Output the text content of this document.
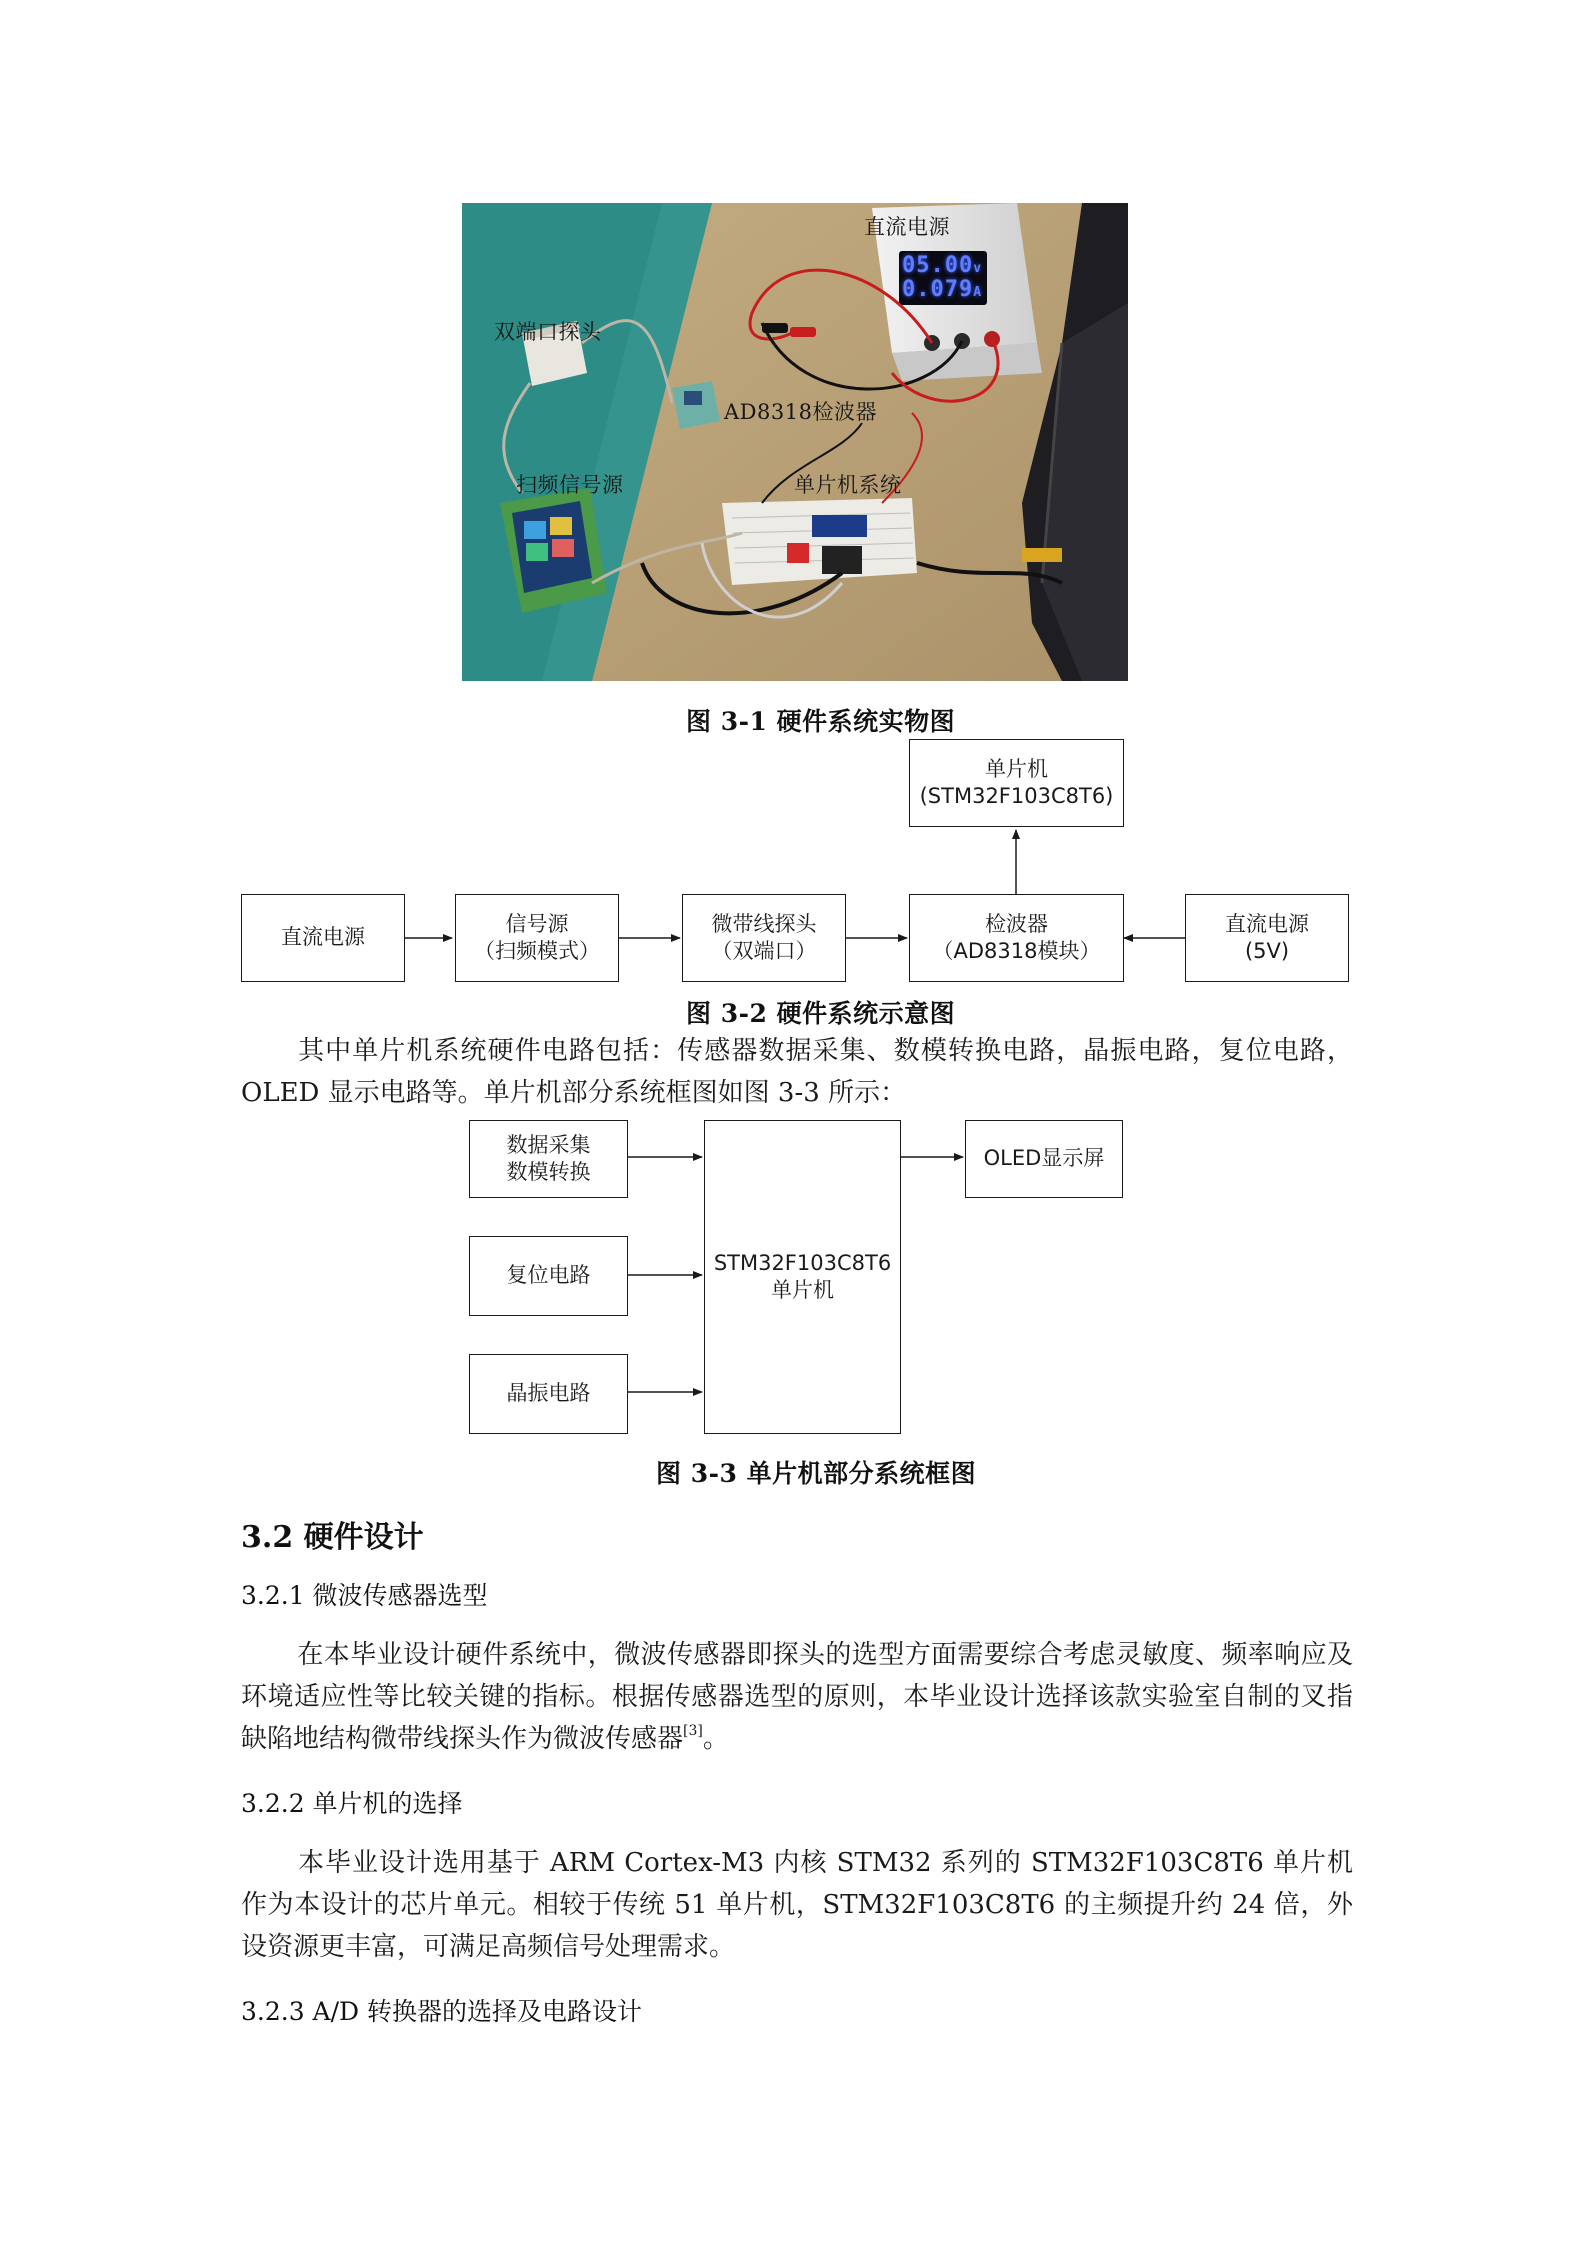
05.00v
0.079A
直流电源
双端口探头
AD8318检波器
扫频信号源	单片机系统
图 3-1 硬件系统实物图
直流电源
信号源
（扫频模式）
微带线探头
（双端口）
检波器
（AD8318模块）
直流电源
(5V)
单片机
(STM32F103C8T6)
图 3-2 硬件系统示意图
其中单片机系统硬件电路包括：传感器数据采集、数模转换电路，晶振电路，复位电路，OLED 显示电路等。单片机部分系统框图如图 3-3 所示：
数据采集
数模转换
复位电路
晶振电路
STM32F103C8T6
单片机
OLED显示屏
图 3-3 单片机部分系统框图
3.2 硬件设计
3.2.1 微波传感器选型
在本毕业设计硬件系统中，微波传感器即探头的选型方面需要综合考虑灵敏度、频率响应及环境适应性等比较关键的指标。根据传感器选型的原则，本毕业设计选择该款实验室自制的叉指缺陷地结构微带线探头作为微波传感器[3]。
3.2.2 单片机的选择
本毕业设计选用基于 ARM Cortex-M3 内核 STM32 系列的 STM32F103C8T6 单片机作为本设计的芯片单元。相较于传统 51 单片机，STM32F103C8T6 的主频提升约 24 倍，外设资源更丰富，可满足高频信号处理需求。
3.2.3 A/D 转换器的选择及电路设计
